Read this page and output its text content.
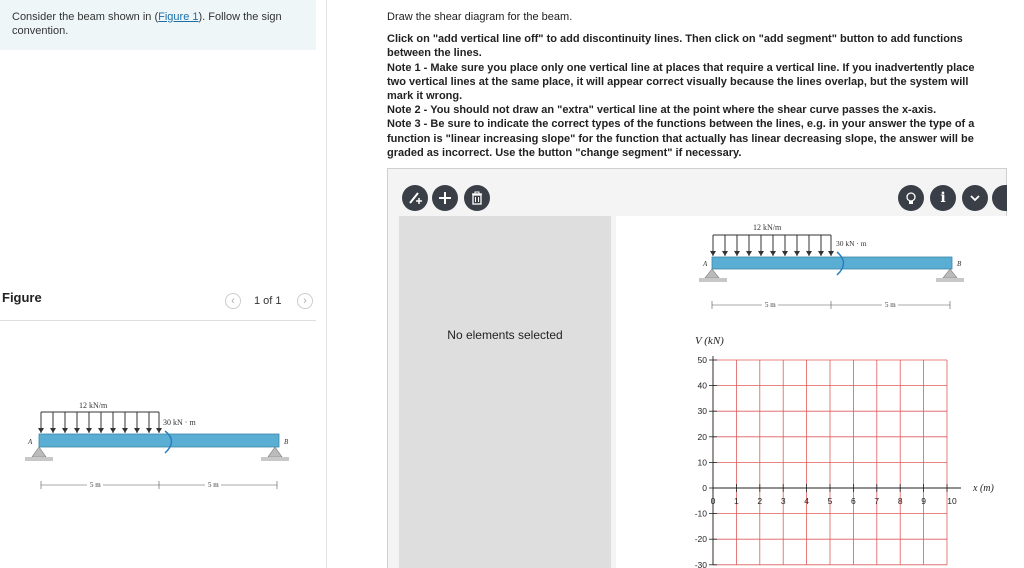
Consider the beam shown in (Figure 1). Follow the sign convention.
Figure	‹	1 of 1	›
12 kN/m
30 kN · m
A	B
5 m	5 m

Draw the shear diagram for the beam.

Click on "add vertical line off" to add discontinuity lines. Then click on "add segment" button to add functions between the lines.

Note 1 - Make sure you place only one vertical line at places that require a vertical line. If you inadvertently place two vertical lines at the same place, it will appear correct visually because the lines overlap, but the system will mark it wrong.

Note 2 - You should not draw an "extra" vertical line at the point where the shear curve passes the x-axis.

Note 3 - Be sure to indicate the correct types of the functions between the lines, e.g. in your answer the type of a function is "linear increasing slope" for the function that actually has linear decreasing slope, the answer will be graded as incorrect. Use the button "change segment" if necessary.

i
No elements selected
12 kN/m
30 kN · m
A	B
5 m	5 m
V (kN)
x (m)
50
40
30
20
10
0
-10
-20
-30
0 1 2 3 4 5 6 7 8 9	10
